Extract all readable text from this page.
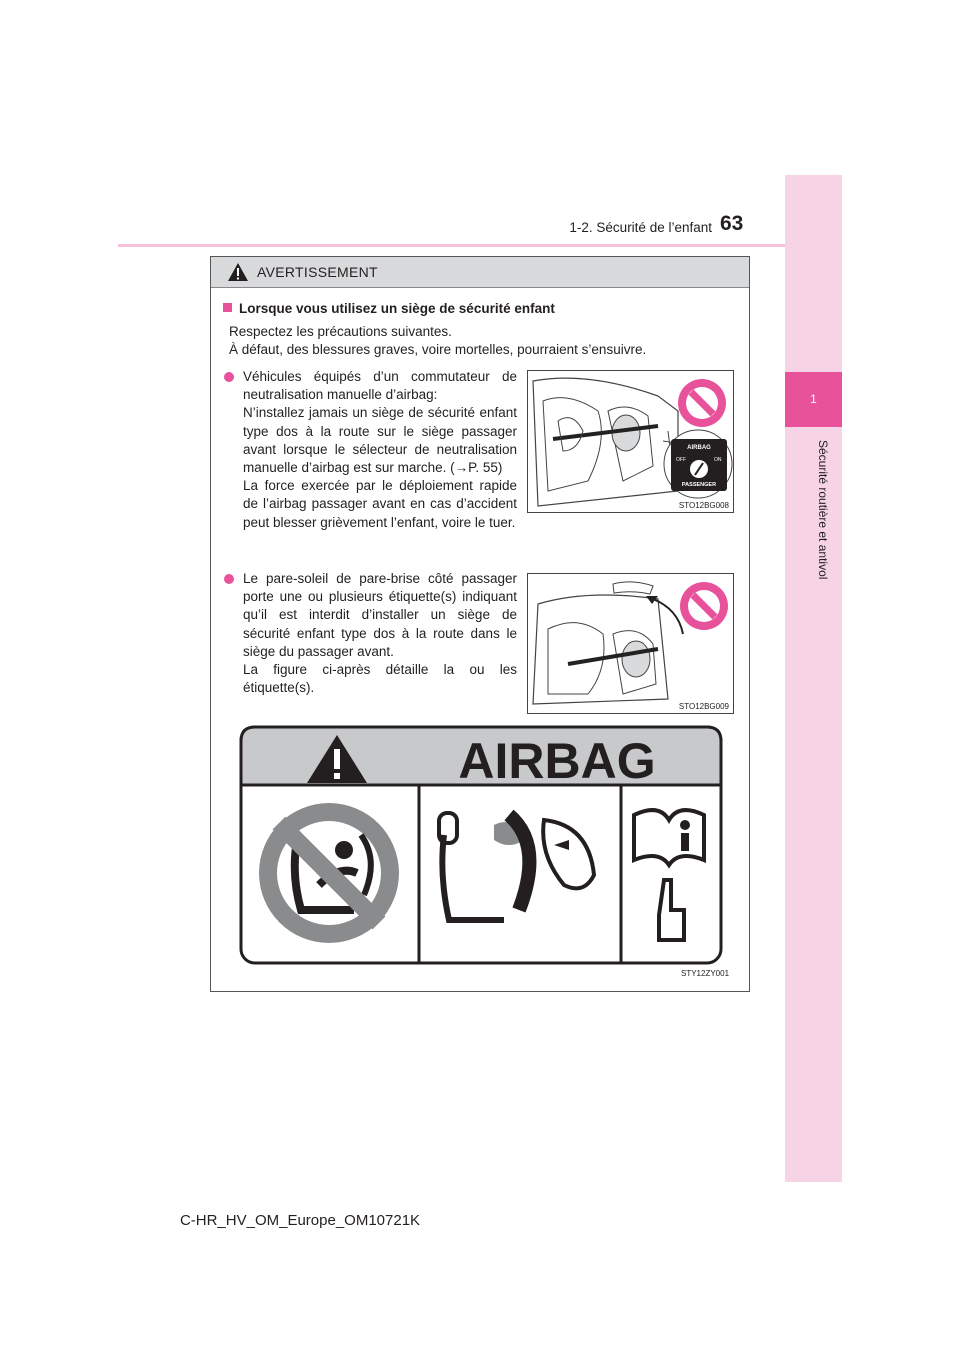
1
Sécurité routière et antivol
1-2. Sécurité de l’enfant 63
AVERTISSEMENT
Lorsque vous utilisez un siège de sécurité enfant
Respectez les précautions suivantes.
À défaut, des blessures graves, voire mortelles, pourraient s’ensuivre.
Véhicules équipés d’un commutateur de neutralisation manuelle d’airbag:
N’installez jamais un siège de sécurité enfant type dos à la route sur le siège passager avant lorsque le sélecteur de neutralisation manuelle d’airbag est sur marche. (→P. 55)
La force exercée par le déploiement rapide de l’airbag passager avant en cas d’accident peut blesser grièvement l’enfant, voire le tuer.
AIRBAG
OFF	ON
PASSENGER
STO12BG008
Le pare-soleil de pare-brise côté passager porte une ou plusieurs étiquette(s) indiquant qu’il est interdit d’installer un siège de sécurité enfant type dos à la route dans le siège du passager avant.
La figure ci-après détaille la ou les étiquette(s).
STO12BG009
AIRBAG
STY12ZY001
C-HR_HV_OM_Europe_OM10721K
